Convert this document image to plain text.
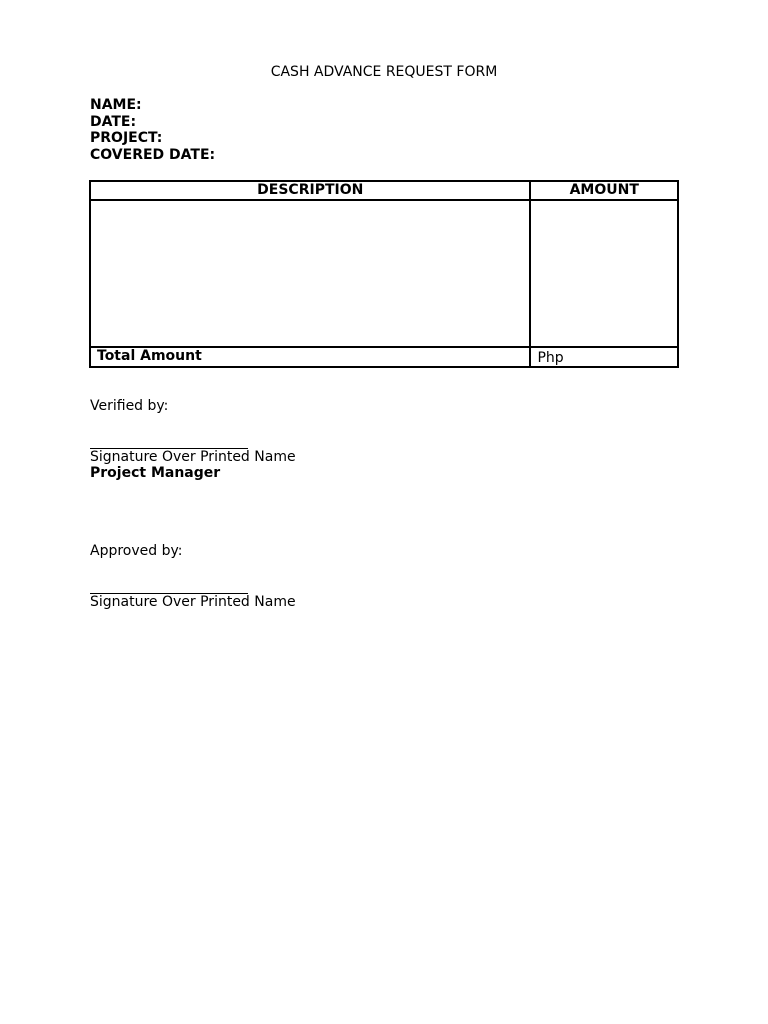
CASH ADVANCE REQUEST FORM
NAME:
DATE:
PROJECT:
COVERED DATE:
DESCRIPTION	AMOUNT

Total Amount	Php
Verified by:
Signature Over Printed Name
Project Manager
Approved by:
Signature Over Printed Name
